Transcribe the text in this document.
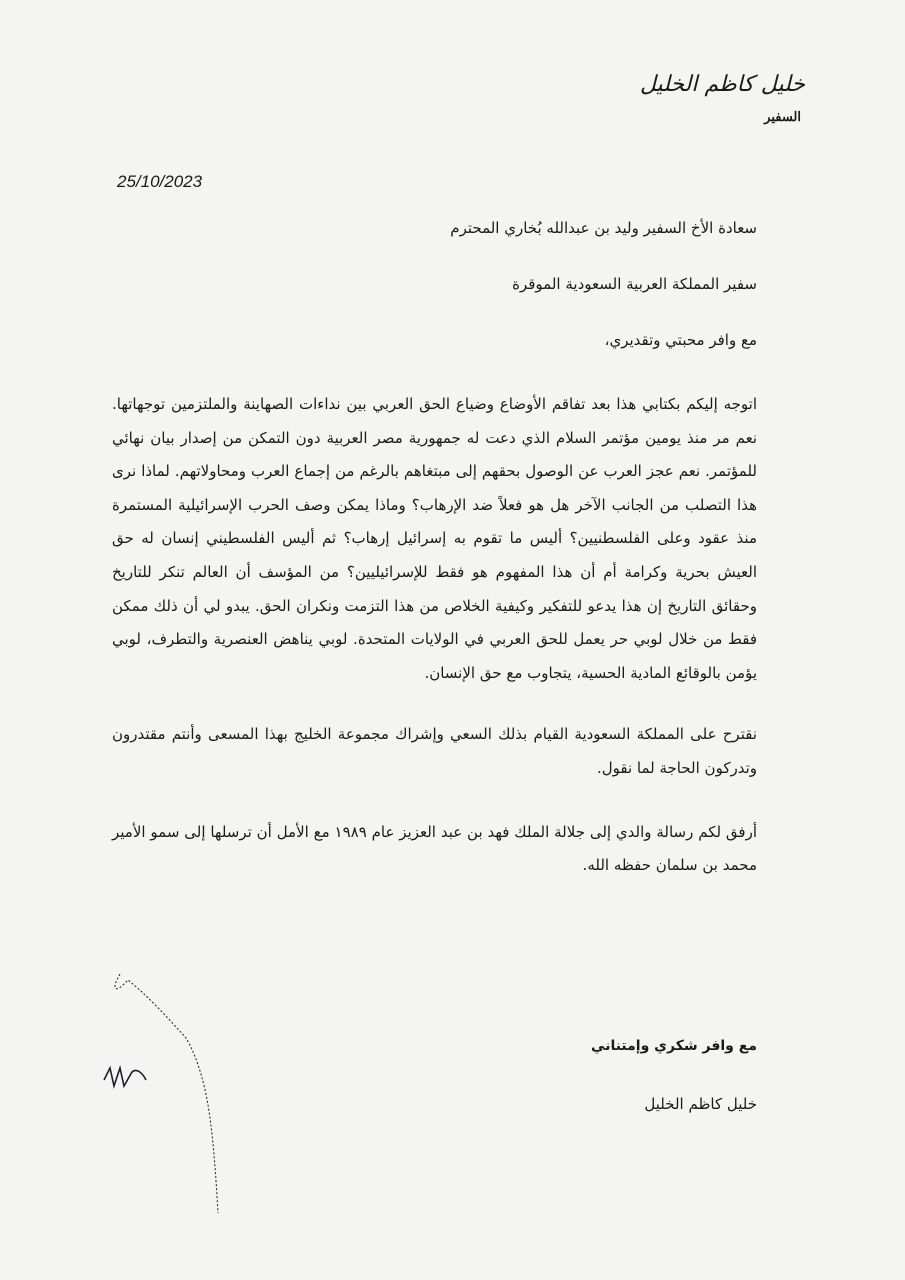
خليل كاظم الخليل
السفير
25/10/2023

سعادة الأخ السفير وليد بن عبدالله بُخاري المحترم

سفير المملكة العربية السعودية الموقرة

مع وافر محبتي وتقديري،

اتوجه إليكم بكتابي هذا بعد تفاقم الأوضاع وضياع الحق العربي بين نداءات الصهاينة والملتزمين توجهاتها. نعم مر منذ يومين مؤتمر السلام الذي دعت له جمهورية مصر العربية دون التمكن من إصدار بيان نهائي للمؤتمر. نعم عجز العرب عن الوصول بحقهم إلى مبتغاهم بالرغم من إجماع العرب ومحاولاتهم. لماذا نرى هذا التصلب من الجانب الآخر هل هو فعلاً ضد الإرهاب؟ وماذا يمكن وصف الحرب الإسرائيلية المستمرة منذ عقود وعلى الفلسطنيين؟ أليس ما تقوم به إسرائيل إرهاب؟ ثم أليس الفلسطيني إنسان له حق العيش بحرية وكرامة أم أن هذا المفهوم هو فقط للإسرائيليين؟ من المؤسف أن العالم تنكر للتاريخ وحقائق التاريخ إن هذا يدعو للتفكير وكيفية الخلاص من هذا التزمت ونكران الحق. يبدو لي أن ذلك ممكن فقط من خلال لوبي حر يعمل للحق العربي في الولايات المتحدة. لوبي يناهض العنصرية والتطرف، لوبي يؤمن بالوقائع المادية الحسية، يتجاوب مع حق الإنسان.

نقترح على المملكة السعودية القيام بذلك السعي وإشراك مجموعة الخليج بهذا المسعى وأنتم مقتدرون وتدركون الحاجة لما نقول.

أرفق لكم رسالة والدي إلى جلالة الملك فهد بن عبد العزيز عام ١٩٨٩ مع الأمل أن ترسلها إلى سمو الأمير محمد بن سلمان حفظه الله.

مع وافر شكري وإمتناني
خليل كاظم الخليل
